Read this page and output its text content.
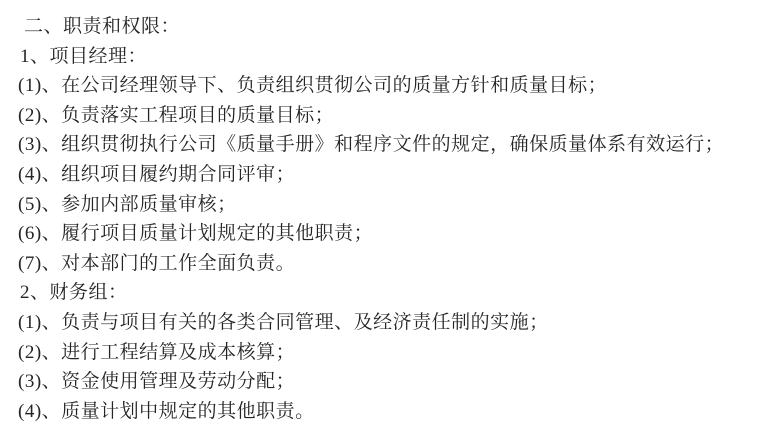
二、职责和权限：

1、项目经理：

(1)、在公司经理领导下、负责组织贯彻公司的质量方针和质量目标；

(2)、负责落实工程项目的质量目标；

(3)、组织贯彻执行公司《质量手册》和程序文件的规定，确保质量体系有效运行；

(4)、组织项目履约期合同评审；

(5)、参加内部质量审核；

(6)、履行项目质量计划规定的其他职责；

(7)、对本部门的工作全面负责。

2、财务组：

(1)、负责与项目有关的各类合同管理、及经济责任制的实施；

(2)、进行工程结算及成本核算；

(3)、资金使用管理及劳动分配；

(4)、质量计划中规定的其他职责。
